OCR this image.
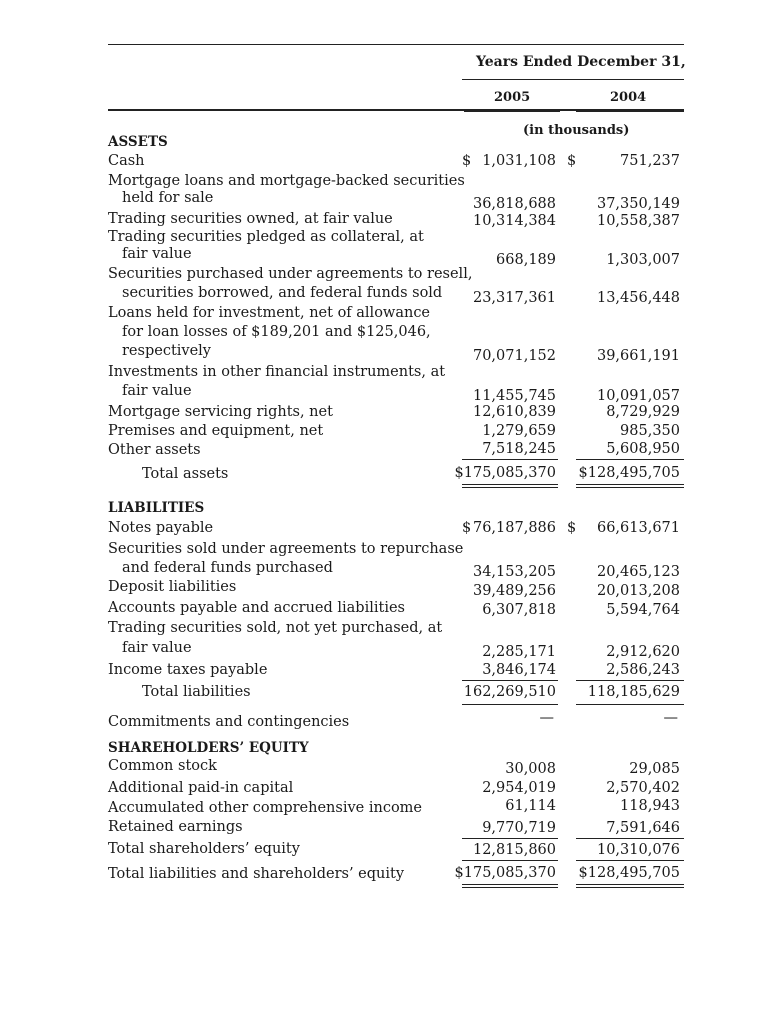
Years Ended December 31,
2005	2004
(in thousands)
ASSETS
Cash	$ 1,031,108 $	751,237
Mortgage loans and mortgage-backed securities
held for sale	36,818,688	37,350,149
Trading securities owned, at fair value	10,314,384	10,558,387
Trading securities pledged as collateral, at
fair value	668,189	1,303,007
Securities purchased under agreements to resell,
securities borrowed, and federal funds sold 23,317,361	13,456,448
Loans held for investment, net of allowance
for loan losses of $189,201 and $125,046,
respectively	70,071,152	39,661,191
Investments in other financial instruments, at
fair value	11,455,745	10,091,057
Mortgage servicing rights, net	12,610,839	8,729,929
Premises and equipment, net	1,279,659	985,350
Other assets	7,518,245	5,608,950
Total assets	$175,085,370 $128,495,705
LIABILITIES
Notes payable	$ 76,187,886 $ 66,613,671
Securities sold under agreements to repurchase
and federal funds purchased	34,153,205	20,465,123
Deposit liabilities	39,489,256	20,013,208
Accounts payable and accrued liabilities	6,307,818	5,594,764
Trading securities sold, not yet purchased, at
fair value	2,285,171	2,912,620
Income taxes payable	3,846,174	2,586,243
Total liabilities	162,269,510 118,185,629
Commitments and contingencies	—	—
SHAREHOLDERS’ EQUITY
Common stock	30,008	29,085
Additional paid-in capital	2,954,019	2,570,402
Accumulated other comprehensive income	61,114	118,943
Retained earnings	9,770,719	7,591,646
Total shareholders’ equity	12,815,860	10,310,076
Total liabilities and shareholders’ equity	$175,085,370 $128,495,705
